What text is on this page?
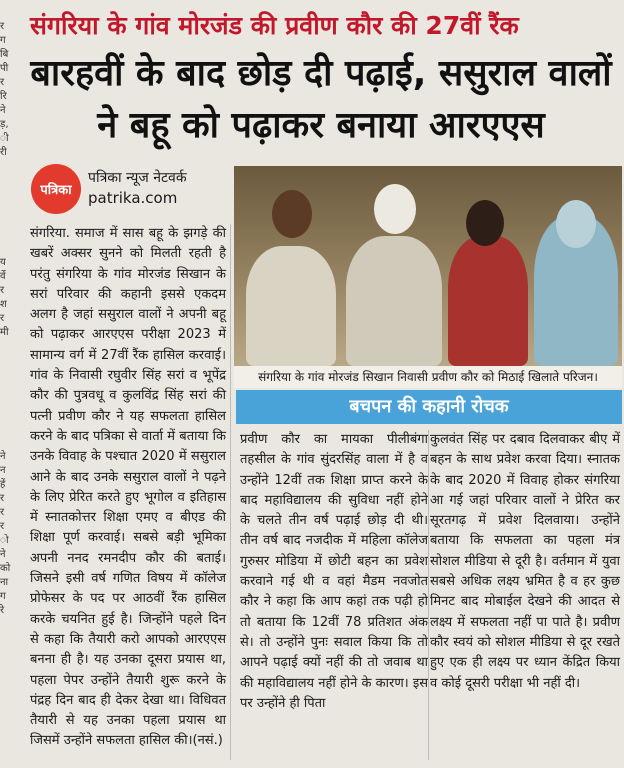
र
ग
बि
पी
र
रि
ने
ड़,
ी
री
य
र्वे
र
श
र
मी
ने
न
हें
र
र
र
ो
ने
को
ना
ग
रे
संगरिया के गांव मोरजंड की प्रवीण कौर की 27वीं रैंक
बारहवीं के बाद छोड़ दी पढ़ाई, ससुराल वालों ने बहू को पढ़ाकर बनाया आरएएस
पत्रिका
पत्रिका न्यूज नेटवर्क
patrika.com
संगरिया के गांव मोरजंड सिखान निवासी प्रवीण कौर को मिठाई खिलाते परिजन।
बचपन की कहानी रोचक
संगरिया. समाज में सास बहू के झगड़े की खबरें अक्सर सुनने को मिलती रहती है परंतु संगरिया के गांव मोरजंड सिखान के सरां परिवार की कहानी इससे एकदम अलग है जहां ससुराल वालों ने अपनी बहू को पढ़ाकर आरएएस परीक्षा 2023 में सामान्य वर्ग में 27वीं रैंक हासिल करवाई। गांव के निवासी रघुवीर सिंह सरां व भूपेंद्र कौर की पुत्रवधू व कुलविंद्र सिंह सरां की पत्नी प्रवीण कौर ने यह सफलता हासिल करने के बाद पत्रिका से वार्ता में बताया कि उनके विवाह के पश्चात 2020 में ससुराल आने के बाद उनके ससुराल वालों ने पढ़ने के लिए प्रेरित करते हुए भूगोल व इतिहास में स्नातकोत्तर शिक्षा एमए व बीएड की शिक्षा पूर्ण करवाई। सबसे बड़ी भूमिका अपनी ननद रमनदीप कौर की बताई। जिसने इसी वर्ष गणित विषय में कॉलेज प्रोफेसर के पद पर आठवीं रैंक हासिल करके चयनित हुई है। जिन्होंने पहले दिन से कहा कि तैयारी करो आपको आरएएस बनना ही है। यह उनका दूसरा प्रयास था, पहला पेपर उन्होंने तैयारी शुरू करने के पंद्रह दिन बाद ही देकर देखा था। विधिवत तैयारी से यह उनका पहला प्रयास था जिसमें उन्होंने सफलता हासिल की।(नसं.)
प्रवीण कौर का मायका पीलीबंगा तहसील के गांव सुंदरसिंह वाला में है व उन्होंने 12वीं तक शिक्षा प्राप्त करने के बाद महाविद्यालय की सुविधा नहीं होने के चलते तीन वर्ष पढ़ाई छोड़ दी थी। तीन वर्ष बाद नजदीक में महिला कॉलेज गुरुसर मोडिया में छोटी बहन का प्रवेश करवाने गई थी व वहां मैडम नवजोत कौर ने कहा कि आप कहां तक पढ़ी हो तो बताया कि 12वीं 78 प्रतिशत अंक से। तो उन्होंने पुनः सवाल किया कि तो आपने पढ़ाई क्यों नहीं की तो जवाब था की महाविद्यालय नहीं होने के कारण। इस पर उन्होंने ही पिता
कुलवंत सिंह पर दबाव दिलवाकर बीए में बहन के साथ प्रवेश करवा दिया। स्नातक के बाद 2020 में विवाह होकर संगरिया आ गई जहां परिवार वालों ने प्रेरित कर सूरतगढ़ में प्रवेश दिलवाया। उन्होंने बताया कि सफलता का पहला मंत्र सोशल मीडिया से दूरी है। वर्तमान में युवा सबसे अधिक लक्ष्य भ्रमित है व हर कुछ मिनट बाद मोबाईल देखने की आदत से लक्ष्य में सफलता नहीं पा पाते है। प्रवीण कौर स्वयं को सोशल मीडिया से दूर रखते हुए एक ही लक्ष्य पर ध्यान केंद्रित किया व कोई दूसरी परीक्षा भी नहीं दी।
